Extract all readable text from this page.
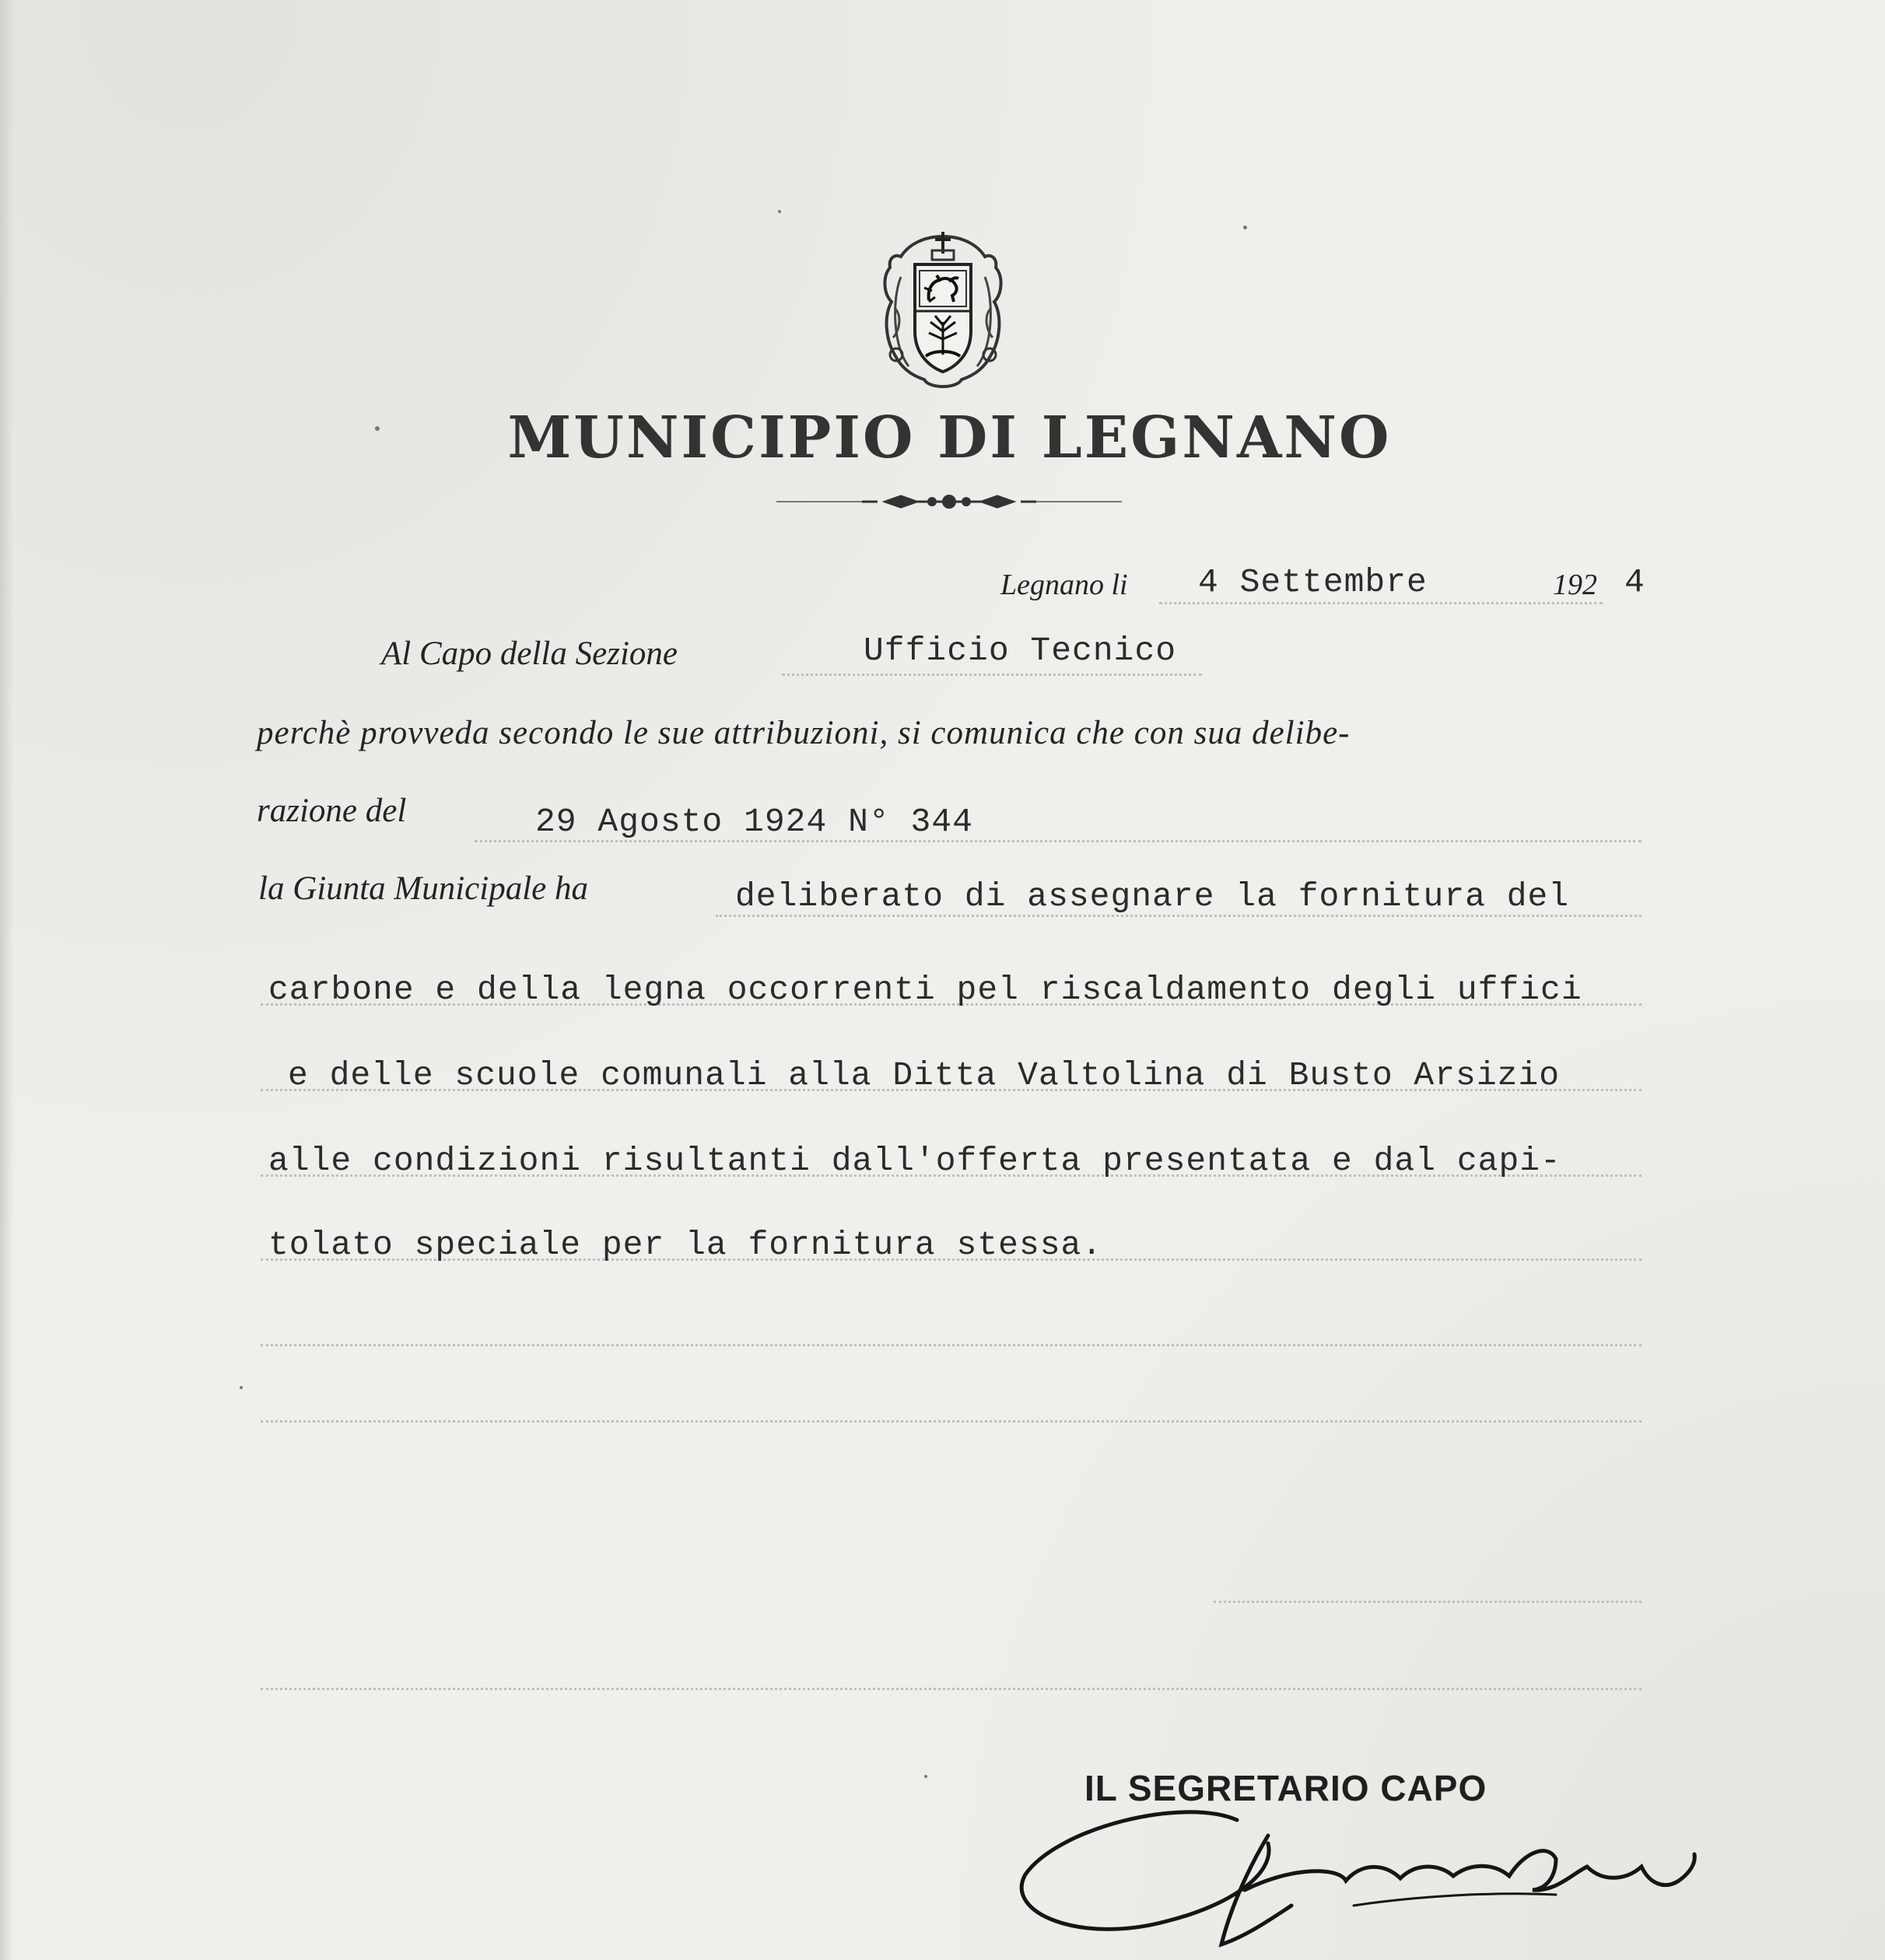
MUNICIPIO DI LEGNANO
Legnano li 4 Settembre	192 4
Al Capo della Sezione	Ufficio Tecnico
perchè provveda secondo le sue attribuzioni, si comunica che con sua delibe-
razione del	29 Agosto 1924 N° 344
la Giunta Municipale ha	deliberato di assegnare la fornitura del
carbone e della legna occorrenti pel riscaldamento degli uffici
e delle scuole comunali alla Ditta Valtolina di Busto Arsizio
alle condizioni risultanti dall'offerta presentata e dal capi-
tolato speciale per la fornitura stessa.
IL SEGRETARIO CAPO
